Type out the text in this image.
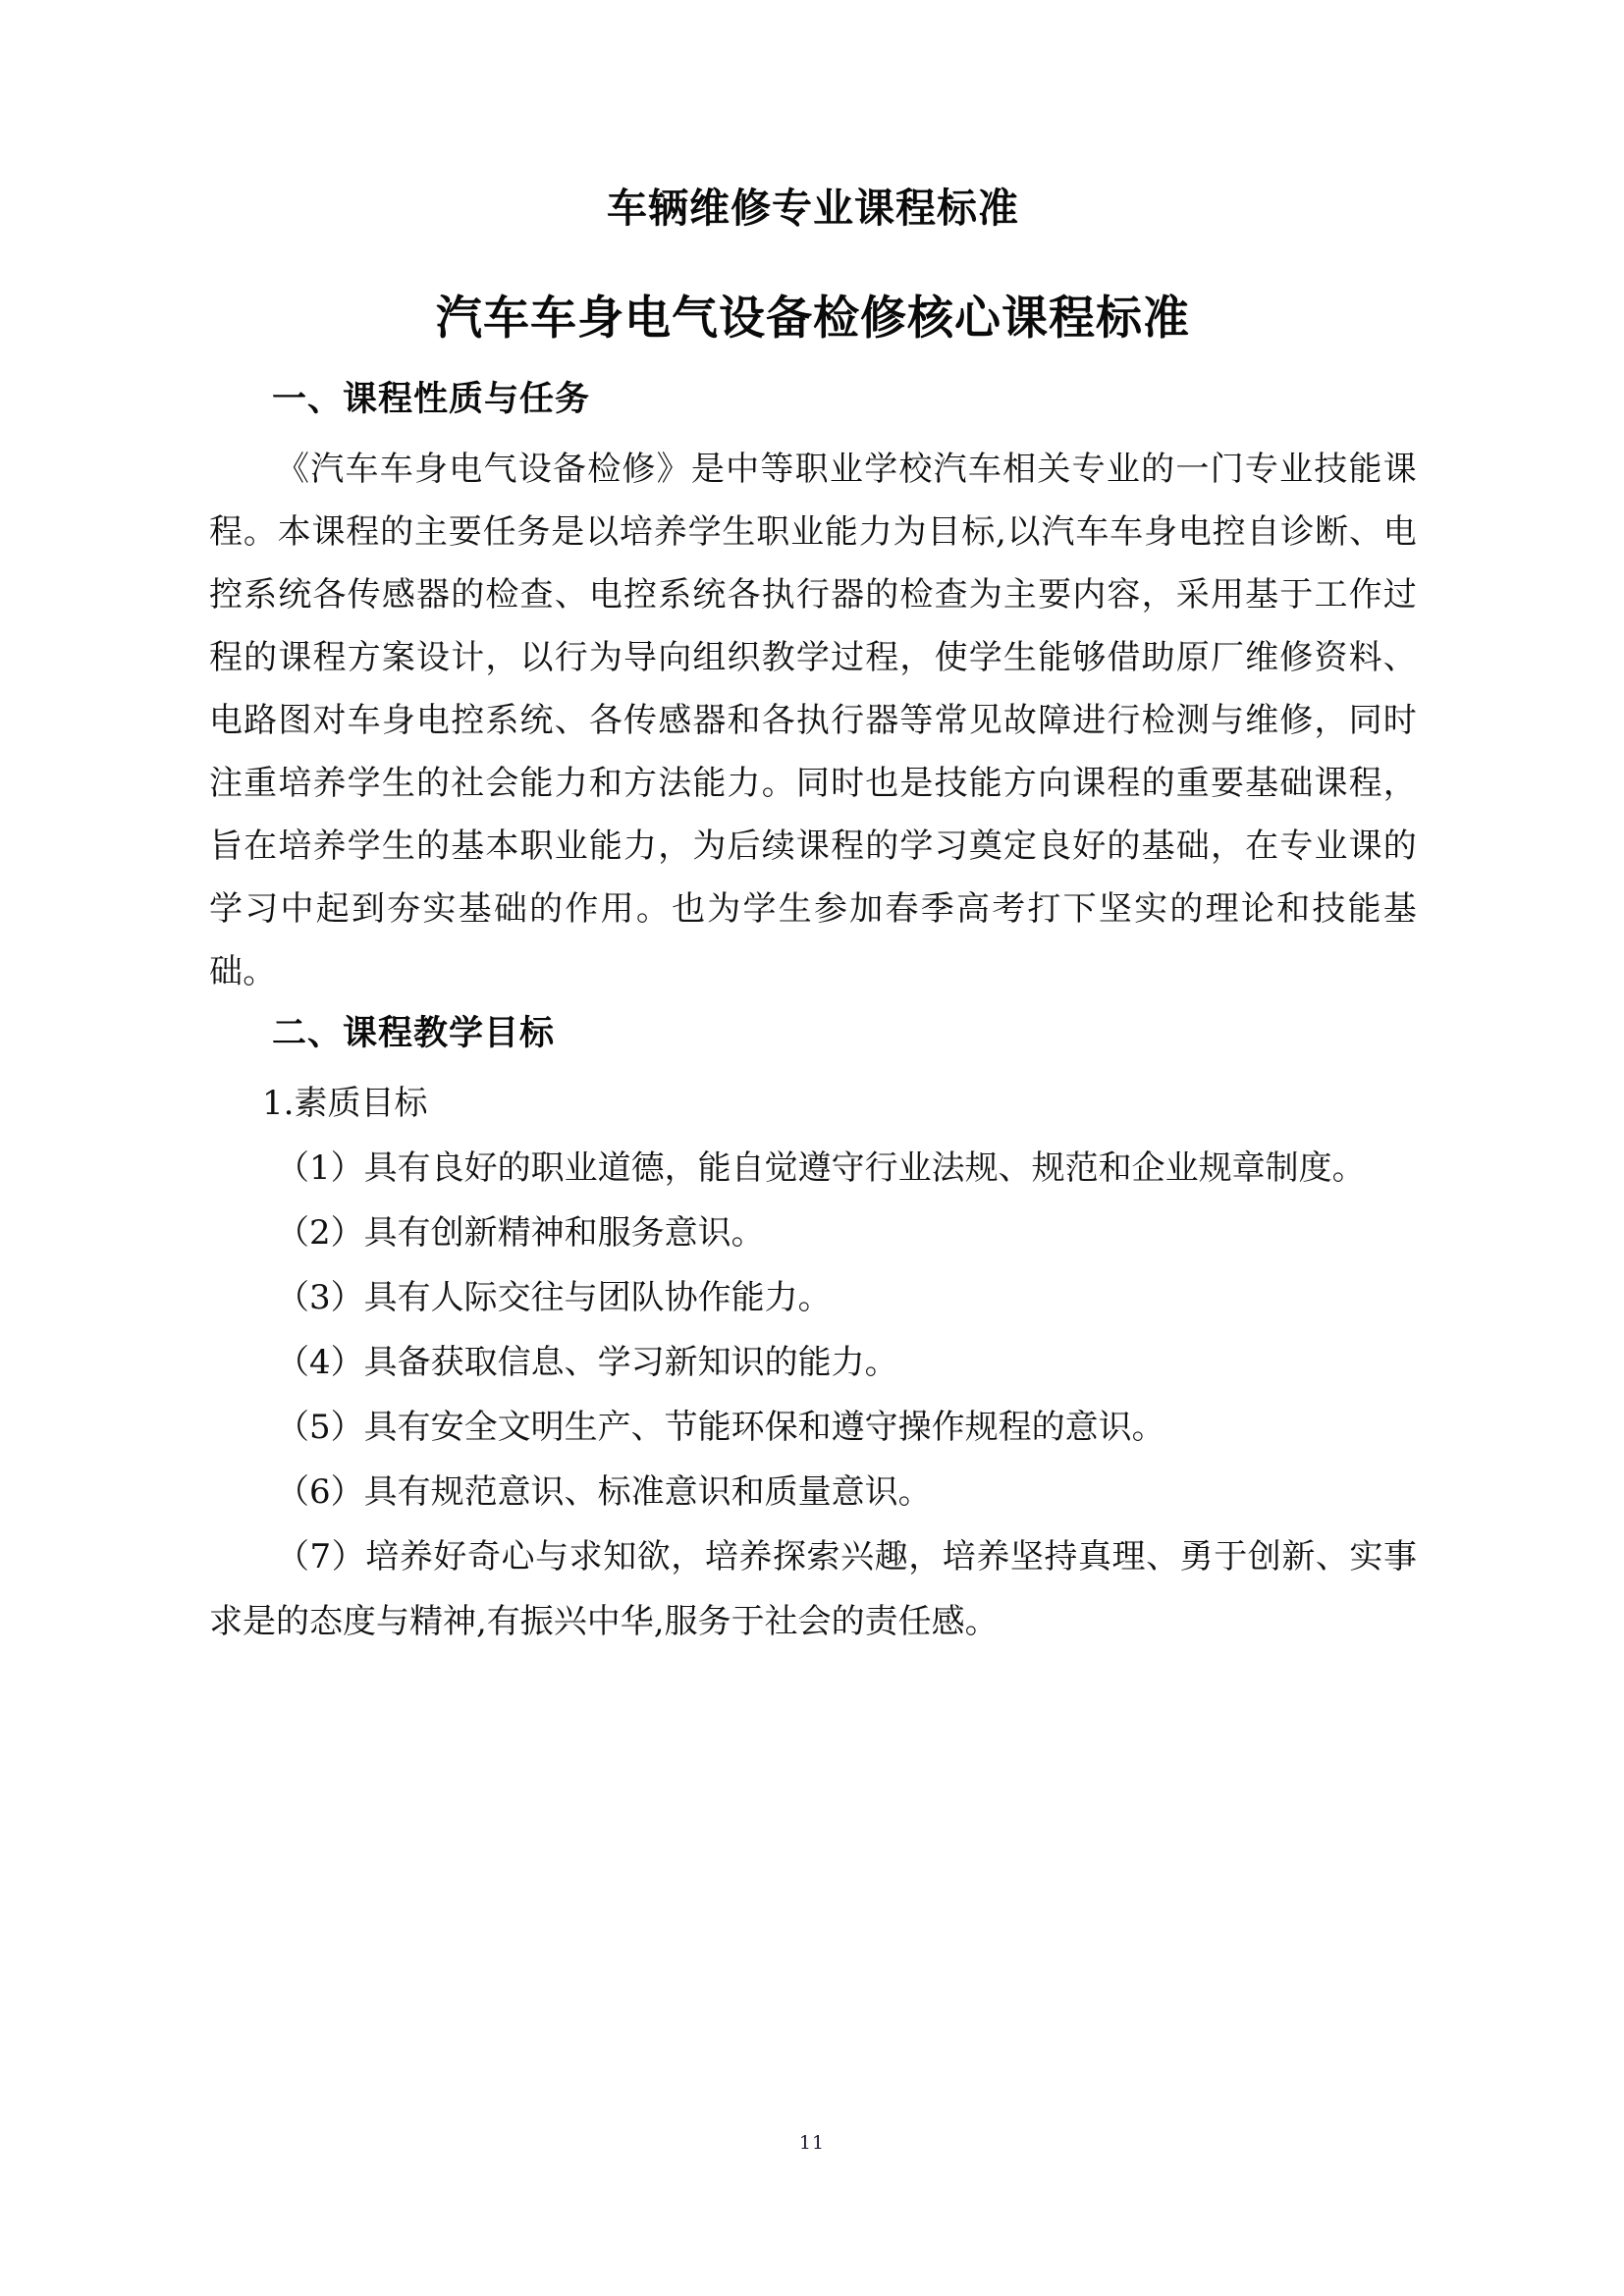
车辆维修专业课程标准
汽车车身电气设备检修核心课程标准
一、课程性质与任务

《汽车车身电气设备检修》是中等职业学校汽车相关专业的一门专业技能课程。本课程的主要任务是以培养学生职业能力为目标,以汽车车身电控自诊断、电控系统各传感器的检查、电控系统各执行器的检查为主要内容，采用基于工作过程的课程方案设计，以行为导向组织教学过程，使学生能够借助原厂维修资料、电路图对车身电控系统、各传感器和各执行器等常见故障进行检测与维修，同时注重培养学生的社会能力和方法能力。同时也是技能方向课程的重要基础课程，旨在培养学生的基本职业能力，为后续课程的学习奠定良好的基础，在专业课的学习中起到夯实基础的作用。也为学生参加春季高考打下坚实的理论和技能基础。

二、课程教学目标

1.素质目标

（1）具有良好的职业道德，能自觉遵守行业法规、规范和企业规章制度。

（2）具有创新精神和服务意识。

（3）具有人际交往与团队协作能力。

（4）具备获取信息、学习新知识的能力。

（5）具有安全文明生产、节能环保和遵守操作规程的意识。

（6）具有规范意识、标准意识和质量意识。

（7）培养好奇心与求知欲，培养探索兴趣，培养坚持真理、勇于创新、实事求是的态度与精神,有振兴中华,服务于社会的责任感。

11
